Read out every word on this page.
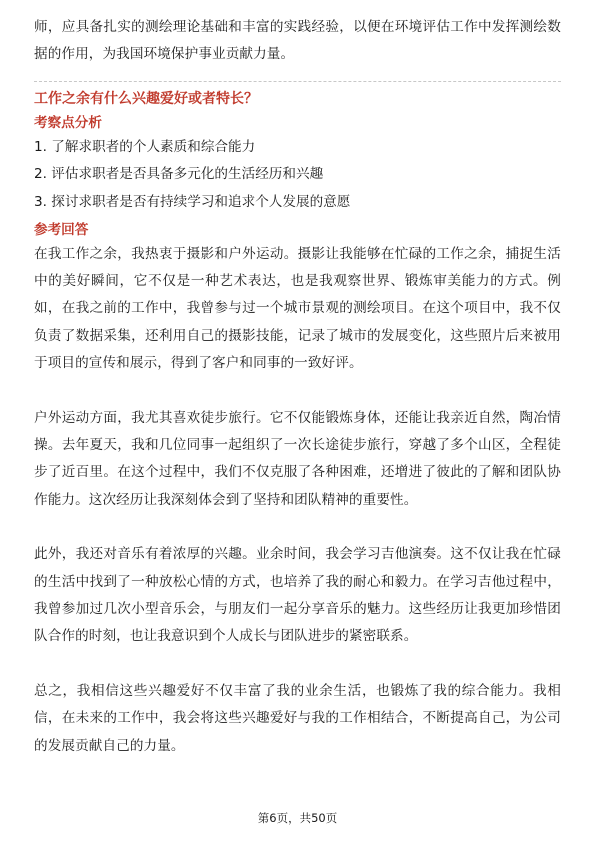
师，应具备扎实的测绘理论基础和丰富的实践经验，以便在环境评估工作中发挥测绘数据的作用，为我国环境保护事业贡献力量。

工作之余有什么兴趣爱好或者特长？

考察点分析

1. 了解求职者的个人素质和综合能力

2. 评估求职者是否具备多元化的生活经历和兴趣

3. 探讨求职者是否有持续学习和追求个人发展的意愿

参考回答

在我工作之余，我热衷于摄影和户外运动。摄影让我能够在忙碌的工作之余，捕捉生活中的美好瞬间，它不仅是一种艺术表达，也是我观察世界、锻炼审美能力的方式。例如，在我之前的工作中，我曾参与过一个城市景观的测绘项目。在这个项目中，我不仅负责了数据采集，还利用自己的摄影技能，记录了城市的发展变化，这些照片后来被用于项目的宣传和展示，得到了客户和同事的一致好评。

户外运动方面，我尤其喜欢徒步旅行。它不仅能锻炼身体，还能让我亲近自然，陶冶情操。去年夏天，我和几位同事一起组织了一次长途徒步旅行，穿越了多个山区，全程徒步了近百里。在这个过程中，我们不仅克服了各种困难，还增进了彼此的了解和团队协作能力。这次经历让我深刻体会到了坚持和团队精神的重要性。

此外，我还对音乐有着浓厚的兴趣。业余时间，我会学习吉他演奏。这不仅让我在忙碌的生活中找到了一种放松心情的方式，也培养了我的耐心和毅力。在学习吉他过程中，我曾参加过几次小型音乐会，与朋友们一起分享音乐的魅力。这些经历让我更加珍惜团队合作的时刻，也让我意识到个人成长与团队进步的紧密联系。

总之，我相信这些兴趣爱好不仅丰富了我的业余生活，也锻炼了我的综合能力。我相信，在未来的工作中，我会将这些兴趣爱好与我的工作相结合，不断提高自己，为公司的发展贡献自己的力量。

第6页，共50页
